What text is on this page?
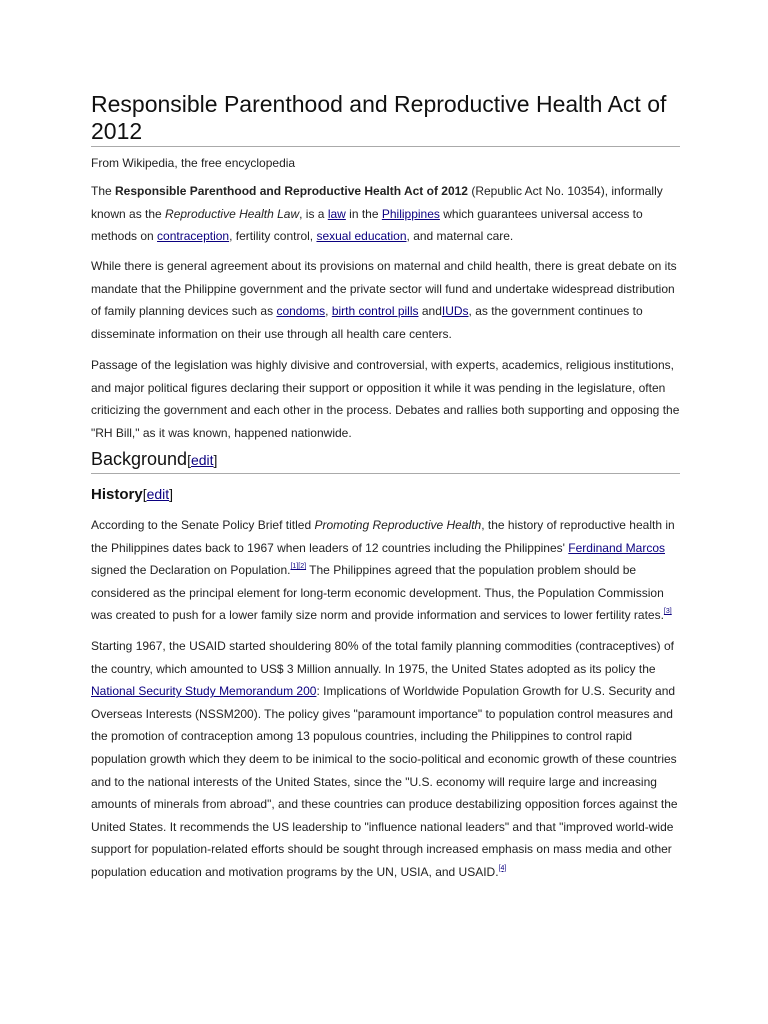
Responsible Parenthood and Reproductive Health Act of 2012
From Wikipedia, the free encyclopedia

The Responsible Parenthood and Reproductive Health Act of 2012 (Republic Act No. 10354), informally known as the Reproductive Health Law, is a law in the Philippines which guarantees universal access to methods on contraception, fertility control, sexual education, and maternal care.

While there is general agreement about its provisions on maternal and child health, there is great debate on its mandate that the Philippine government and the private sector will fund and undertake widespread distribution of family planning devices such as condoms, birth control pills andIUDs, as the government continues to disseminate information on their use through all health care centers.

Passage of the legislation was highly divisive and controversial, with experts, academics, religious institutions, and major political figures declaring their support or opposition it while it was pending in the legislature, often criticizing the government and each other in the process. Debates and rallies both supporting and opposing the "RH Bill," as it was known, happened nationwide.

Background[edit]
History[edit]

According to the Senate Policy Brief titled Promoting Reproductive Health, the history of reproductive health in the Philippines dates back to 1967 when leaders of 12 countries including the Philippines' Ferdinand Marcos signed the Declaration on Population.[1][2] The Philippines agreed that the population problem should be considered as the principal element for long-term economic development. Thus, the Population Commission was created to push for a lower family size norm and provide information and services to lower fertility rates.[3]

Starting 1967, the USAID started shouldering 80% of the total family planning commodities (contraceptives) of the country, which amounted to US$ 3 Million annually. In 1975, the United States adopted as its policy the National Security Study Memorandum 200: Implications of Worldwide Population Growth for U.S. Security and Overseas Interests (NSSM200). The policy gives "paramount importance" to population control measures and the promotion of contraception among 13 populous countries, including the Philippines to control rapid population growth which they deem to be inimical to the socio-political and economic growth of these countries and to the national interests of the United States, since the "U.S. economy will require large and increasing amounts of minerals from abroad", and these countries can produce destabilizing opposition forces against the United States. It recommends the US leadership to "influence national leaders" and that "improved world-wide support for population-related efforts should be sought through increased emphasis on mass media and other population education and motivation programs by the UN, USIA, and USAID.[4]
